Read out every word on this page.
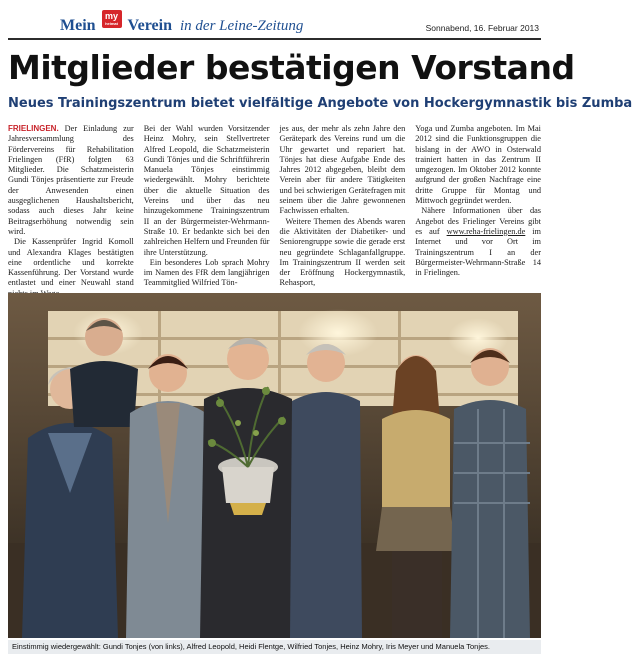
Mein my
heimat Verein in der Leine-Zeitung	Sonnabend, 16. Februar 2013
Mitglieder bestätigen Vorstand
Neues Trainingszentrum bietet vielfältige Angebote von Hockergymnastik bis Zumba

FRIELINGEN. Der Einladung zur Jahresversammlung des Fördervereins für Rehabilitation Frielingen (FfR) folgten 63 Mitglieder. Die Schatzmeisterin Gundi Tönjes präsentierte zur Freude der Anwesenden einen ausgeglichenen Haushaltsbericht, sodass auch dieses Jahr keine Beitragserhöhung notwendig sein wird.

Die Kassenprüfer Ingrid Komoll und Alexandra Klages bestätigten eine ordentliche und korrekte Kassenführung. Der Vorstand wurde entlastet und einer Neuwahl stand

Bei der Wahl wurden Vorsitzender Heinz Mohry, sein Stellvertreter Alfred Leopold, die Schatzmeisterin Gundi Tönjes und die Schriftführerin Manuela Tönjes einstimmig wiedergewählt. Mohry berichtete über die aktuelle Situation des Vereins und über das neu hinzugekommene Trainingszentrum II an der Bürgermeister-Wehrmann-Straße 10. Er bedankte sich bei den zahlreichen Helfern und Freunden für ihre Unterstützung.

Ein besonderes Lob sprach Mohry im Namen des FfR dem langjährigen Teammitglied Wilfried Tön-

jes aus, der mehr als zehn Jahre den Gerätepark des Vereins rund um die Uhr gewartet und repariert hat. Tönjes hat diese Aufgabe Ende des Jahres 2012 abgegeben, bleibt dem Verein aber für andere Tätigkeiten und bei schwierigen Gerätefragen mit seinem über die Jahre gewonnenen Fachwissen erhalten.

Weitere Themen des Abends waren die Aktivitäten der Diabetiker- und Seniorengruppe sowie die gerade erst neu gegründete Schlaganfallgruppe. Im Trainingszentrum II werden seit der Eröffnung Hockergymnastik, Rehasport,

Yoga und Zumba angeboten. Im Mai 2012 sind die Funktionsgruppen die bislang in der AWO in Osterwald trainiert hatten in das Zentrum II umgezogen. Im Oktober 2012 konnte aufgrund der großen Nachfrage eine dritte Gruppe für Montag und Mittwoch gegründet werden.

Nähere Informationen über das Angebot des Frielinger Vereins gibt es auf www.reha-frielingen.de im Internet und vor Ort im Trainingszentrum I an der Bürgermeister-Wehrmann-Straße 14 in Frielingen.

Einstimmig wiedergewählt: Gundi Tonjes (von links), Alfred Leopold, Heidi Flentge, Wilfried Tonjes, Heinz Mohry, Iris Meyer und Manuela Tonjes.
